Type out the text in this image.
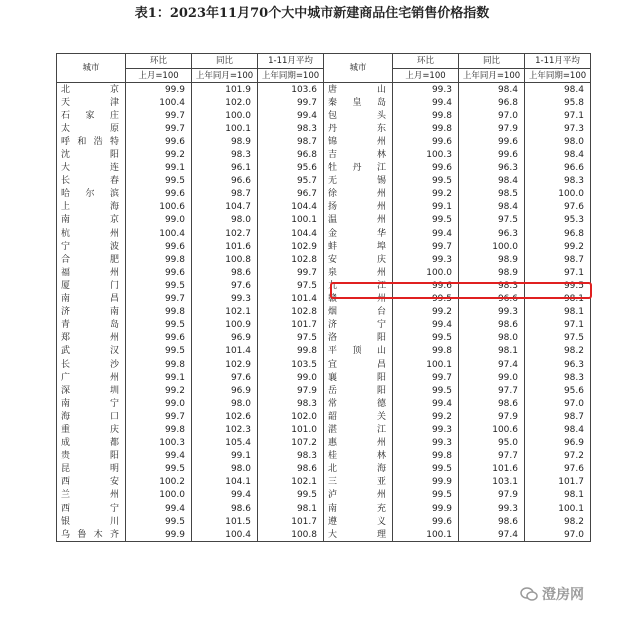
表1：2023年11月70个大中城市新建商品住宅销售价格指数
城市	环比	同比	1-11月平均	城市	环比	同比	1-11月平均
	上月=100	上年同月=100	上年同期=100		上月=100	上年同月=100	上年同期=100
北京	99.9	101.9	103.6	唐山	99.3	98.4	98.4
天津	100.4	102.0	99.7	秦皇岛	99.4	96.8	95.8
石家庄	99.7	100.0	99.4	包头	99.8	97.0	97.1
太原	99.7	100.1	98.3	丹东	99.8	97.9	97.3
呼和浩特	99.6	98.9	98.7	锦州	99.6	99.6	98.0
沈阳	99.2	98.3	96.8	吉林	100.3	99.6	98.4
大连	99.1	96.1	95.6	牡丹江	99.6	96.3	96.6
长春	99.5	96.6	95.7	无锡	99.5	98.4	98.3
哈尔滨	99.6	98.7	96.7	徐州	99.2	98.5	100.0
上海	100.6	104.7	104.4	扬州	99.1	98.4	97.6
南京	99.0	98.0	100.1	温州	99.5	97.5	95.3
杭州	100.4	102.7	104.4	金华	99.4	96.3	96.8
宁波	99.6	101.6	102.9	蚌埠	99.7	100.0	99.2
合肥	99.8	100.8	102.8	安庆	99.3	98.9	98.7
福州	99.6	98.6	99.7	泉州	100.0	98.9	97.1
厦门	99.5	97.6	97.5	九江	99.6	98.3	99.5
南昌	99.7	99.3	101.4	赣州	99.5	96.6	98.1
济南	99.8	102.1	102.8	烟台	99.2	99.3	98.1
青岛	99.5	100.9	101.7	济宁	99.4	98.6	97.1
郑州	99.6	96.9	97.5	洛阳	99.5	98.0	97.5
武汉	99.5	101.4	99.8	平顶山	99.8	98.1	98.2
长沙	99.8	102.9	103.5	宜昌	100.1	97.4	96.3
广州	99.1	97.6	99.0	襄阳	99.7	99.0	98.3
深圳	99.2	96.9	97.9	岳阳	99.5	97.7	95.6
南宁	99.0	98.0	98.3	常德	99.4	98.6	97.0
海口	99.7	102.6	102.0	韶关	99.2	97.9	98.7
重庆	99.8	102.3	101.0	湛江	99.3	100.6	98.4
成都	100.3	105.4	107.2	惠州	99.3	95.0	96.9
贵阳	99.4	99.1	98.3	桂林	99.8	97.7	97.2
昆明	99.5	98.0	98.6	北海	99.5	101.6	97.6
西安	100.2	104.1	102.1	三亚	99.9	103.1	101.7
兰州	100.0	99.4	99.5	泸州	99.5	97.9	98.1
西宁	99.4	98.6	98.1	南充	99.9	99.3	100.1
银川	99.5	101.5	101.7	遵义	99.6	98.6	98.2
乌鲁木齐	99.9	100.4	100.8	大理	100.1	97.4	97.0
澄房网
